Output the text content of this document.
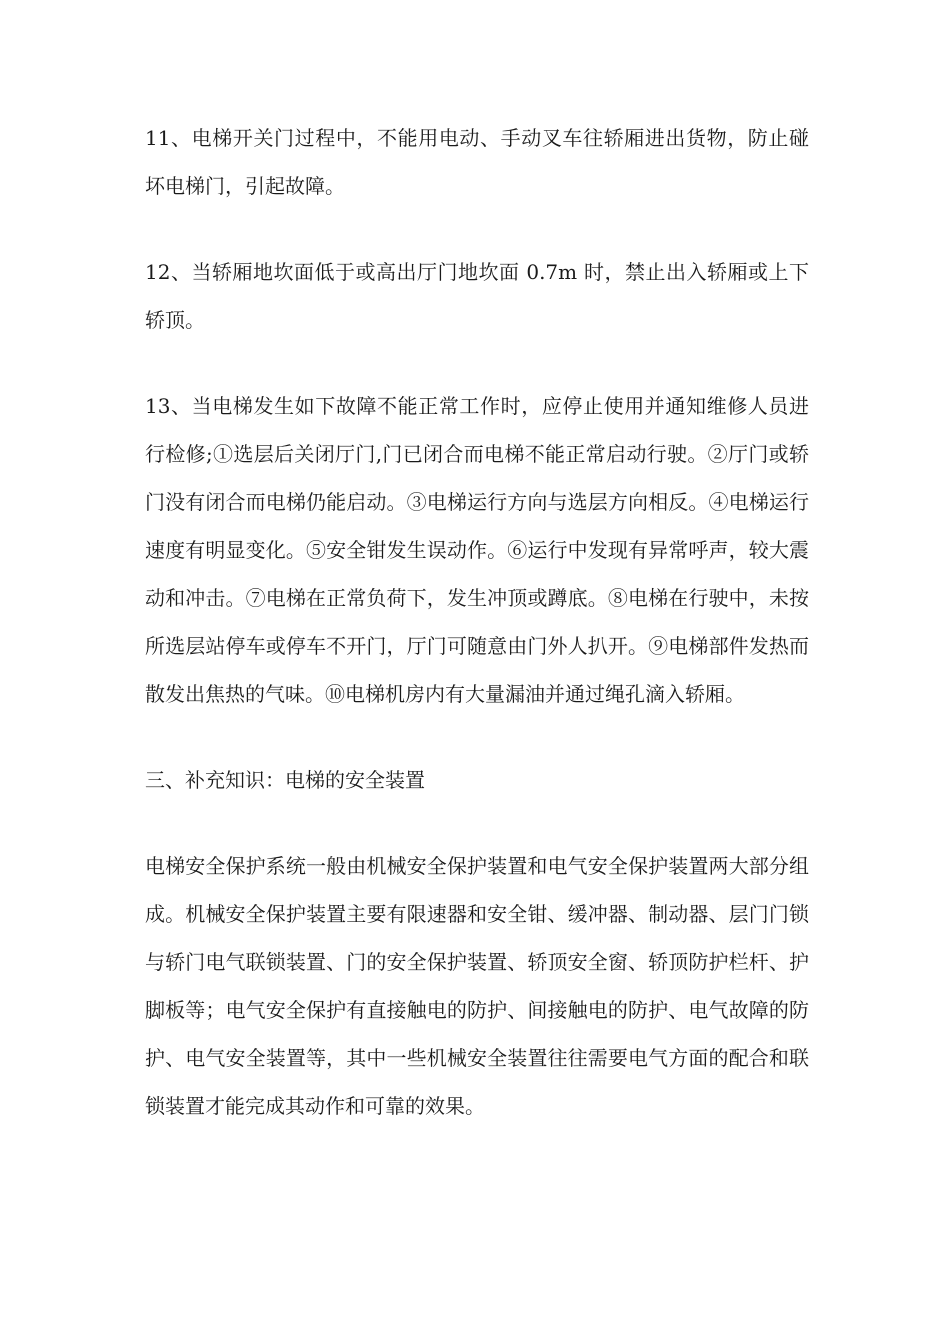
11、电梯开关门过程中，不能用电动、手动叉车往轿厢进出货物，防止碰坏电梯门，引起故障。

12、当轿厢地坎面低于或高出厅门地坎面 0.7m 时，禁止出入轿厢或上下轿顶。

13、当电梯发生如下故障不能正常工作时，应停止使用并通知维修人员进行检修;①选层后关闭厅门,门已闭合而电梯不能正常启动行驶。②厅门或轿门没有闭合而电梯仍能启动。③电梯运行方向与选层方向相反。④电梯运行速度有明显变化。⑤安全钳发生误动作。⑥运行中发现有异常呼声，较大震动和冲击。⑦电梯在正常负荷下，发生冲顶或蹲底。⑧电梯在行驶中，未按所选层站停车或停车不开门，厅门可随意由门外人扒开。⑨电梯部件发热而散发出焦热的气味。⑩电梯机房内有大量漏油并通过绳孔滴入轿厢。

三、补充知识：电梯的安全装置

电梯安全保护系统一般由机械安全保护装置和电气安全保护装置两大部分组成。机械安全保护装置主要有限速器和安全钳、缓冲器、制动器、层门门锁与轿门电气联锁装置、门的安全保护装置、轿顶安全窗、轿顶防护栏杆、护脚板等；电气安全保护有直接触电的防护、间接触电的防护、电气故障的防护、电气安全装置等，其中一些机械安全装置往往需要电气方面的配合和联锁装置才能完成其动作和可靠的效果。
